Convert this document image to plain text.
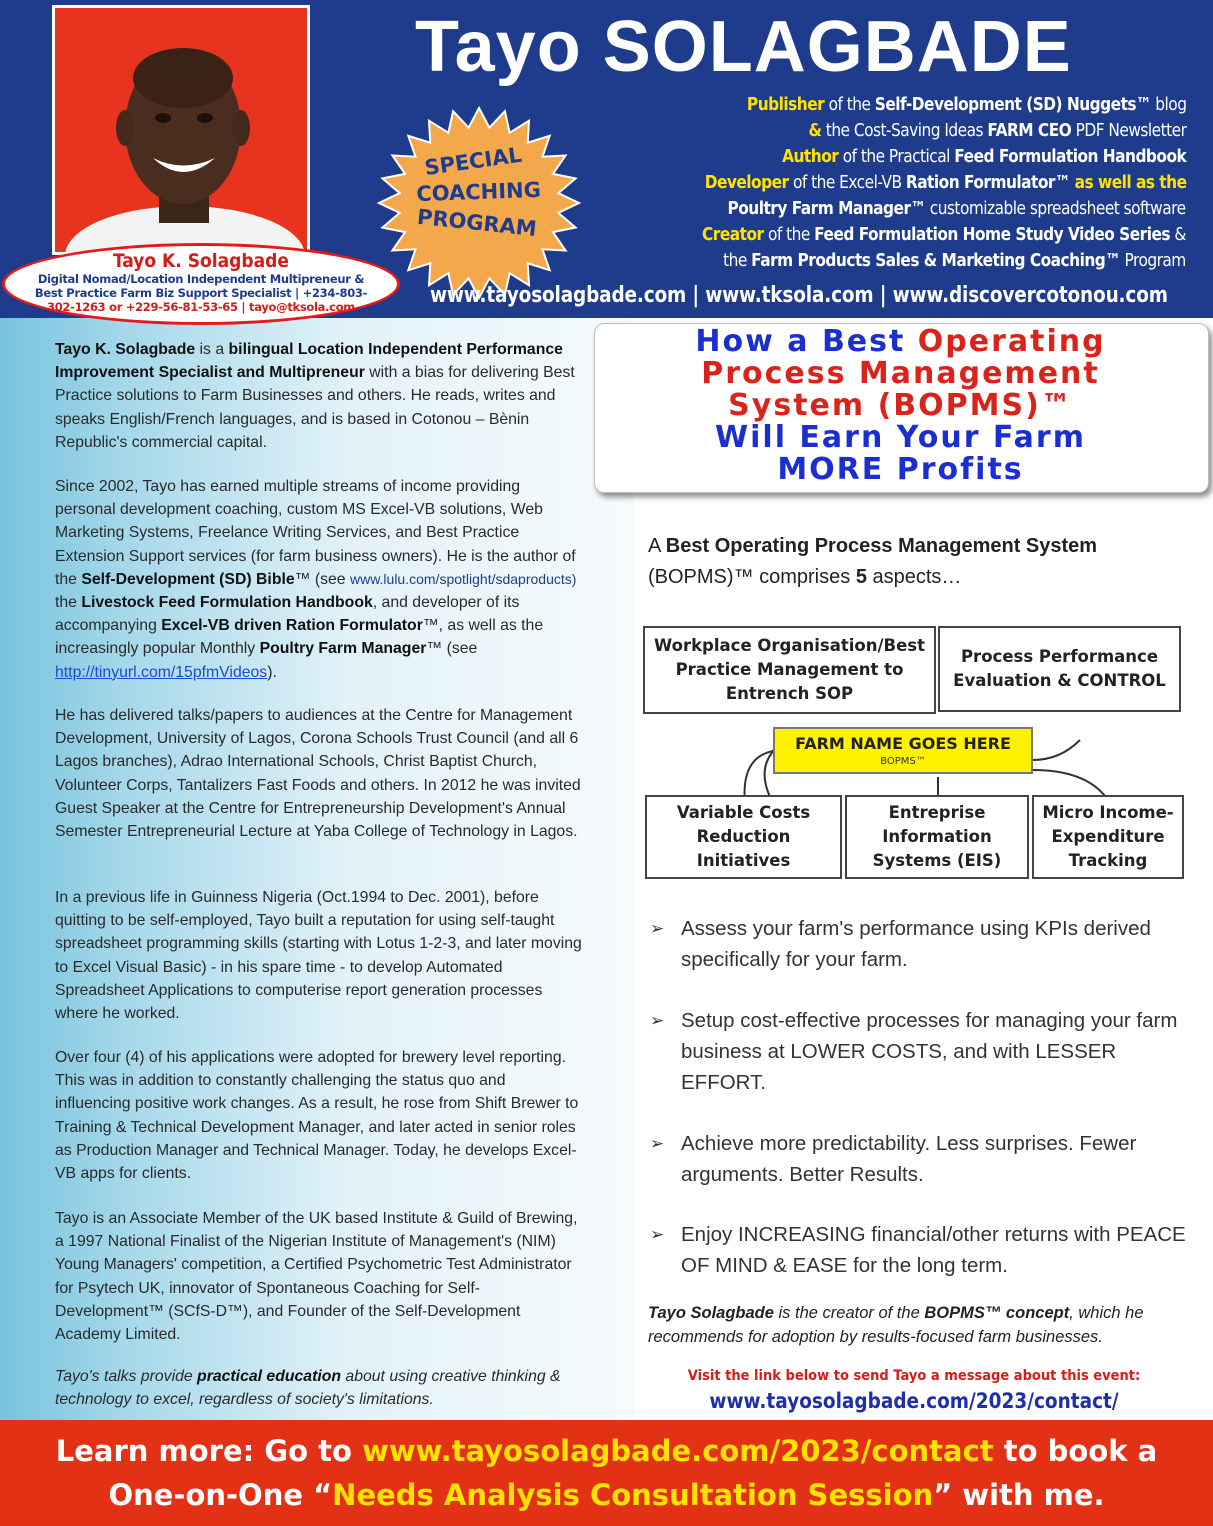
Tayo SOLAGBADE
SPECIAL
COACHING
PROGRAM
Publisher of the Self-Development (SD) Nuggets™ blog
& the Cost-Saving Ideas FARM CEO PDF Newsletter
Author of the Practical Feed Formulation Handbook
Developer of the Excel-VB Ration Formulator™ as well as the
Poultry Farm Manager™ customizable spreadsheet software
Creator of the Feed Formulation Home Study Video Series &
the Farm Products Sales & Marketing Coaching™ Program
www.tayosolagbade.com | www.tksola.com | www.discovercotonou.com
Tayo K. Solagbade
Digital Nomad/Location Independent Multipreneur &
Best Practice Farm Biz Support Specialist | +234-803-
302-1263 or +229-56-81-53-65 | tayo@tksola.com
Tayo K. Solagbade is a bilingual Location Independent Performance Improvement Specialist and Multipreneur with a bias for delivering Best Practice solutions to Farm Businesses and others. He reads, writes and speaks English/French languages, and is based in Cotonou – Bènin Republic's commercial capital.
Since 2002, Tayo has earned multiple streams of income providing personal development coaching, custom MS Excel-VB solutions, Web Marketing Systems, Freelance Writing Services, and Best Practice Extension Support services (for farm business owners). He is the author of the Self-Development (SD) Bible™ (see www.lulu.com/spotlight/sdaproducts) the Livestock Feed Formulation Handbook, and developer of its accompanying Excel-VB driven Ration Formulator™, as well as the increasingly popular Monthly Poultry Farm Manager™ (see http://tinyurl.com/15pfmVideos).
He has delivered talks/papers to audiences at the Centre for Management Development, University of Lagos, Corona Schools Trust Council (and all 6 Lagos branches), Adrao International Schools, Christ Baptist Church, Volunteer Corps, Tantalizers Fast Foods and others. In 2012 he was invited Guest Speaker at the Centre for Entrepreneurship Development's Annual Semester Entrepreneurial Lecture at Yaba College of Technology in Lagos.
In a previous life in Guinness Nigeria (Oct.1994 to Dec. 2001), before quitting to be self-employed, Tayo built a reputation for using self-taught spreadsheet programming skills (starting with Lotus 1-2-3, and later moving to Excel Visual Basic) - in his spare time - to develop Automated Spreadsheet Applications to computerise report generation processes where he worked.
Over four (4) of his applications were adopted for brewery level reporting. This was in addition to constantly challenging the status quo and influencing positive work changes. As a result, he rose from Shift Brewer to Training & Technical Development Manager, and later acted in senior roles as Production Manager and Technical Manager. Today, he develops Excel-VB apps for clients.
Tayo is an Associate Member of the UK based Institute & Guild of Brewing, a 1997 National Finalist of the Nigerian Institute of Management's (NIM) Young Managers' competition, a Certified Psychometric Test Administrator for Psytech UK, innovator of Spontaneous Coaching for Self-Development™ (SCfS-D™), and Founder of the Self-Development Academy Limited.
Tayo's talks provide practical education about using creative thinking & technology to excel, regardless of society's limitations.
How a Best Operating
Process Management
System (BOPMS)™
Will Earn Your Farm
MORE Profits
A Best Operating Process Management System (BOPMS)™ comprises 5 aspects…
Workplace Organisation/Best Practice Management to Entrench SOP
Process Performance Evaluation & CONTROL
Variable Costs Reduction Initiatives
Entreprise Information Systems (EIS)
Micro Income-Expenditure Tracking
FARM NAME GOES HERE
BOPMS™
➢ Assess your farm's performance using KPIs derived specifically for your farm.
➢ Setup cost-effective processes for managing your farm business at LOWER COSTS, and with LESSER EFFORT.
➢ Achieve more predictability. Less surprises. Fewer arguments. Better Results.
➢ Enjoy INCREASING financial/other returns with PEACE OF MIND & EASE for the long term.
Tayo Solagbade is the creator of the BOPMS™ concept, which he recommends for adoption by results-focused farm businesses.
Visit the link below to send Tayo a message about this event:
www.tayosolagbade.com/2023/contact/
Learn more: Go to www.tayosolagbade.com/2023/contact to book a
One-on-One “Needs Analysis Consultation Session” with me.
